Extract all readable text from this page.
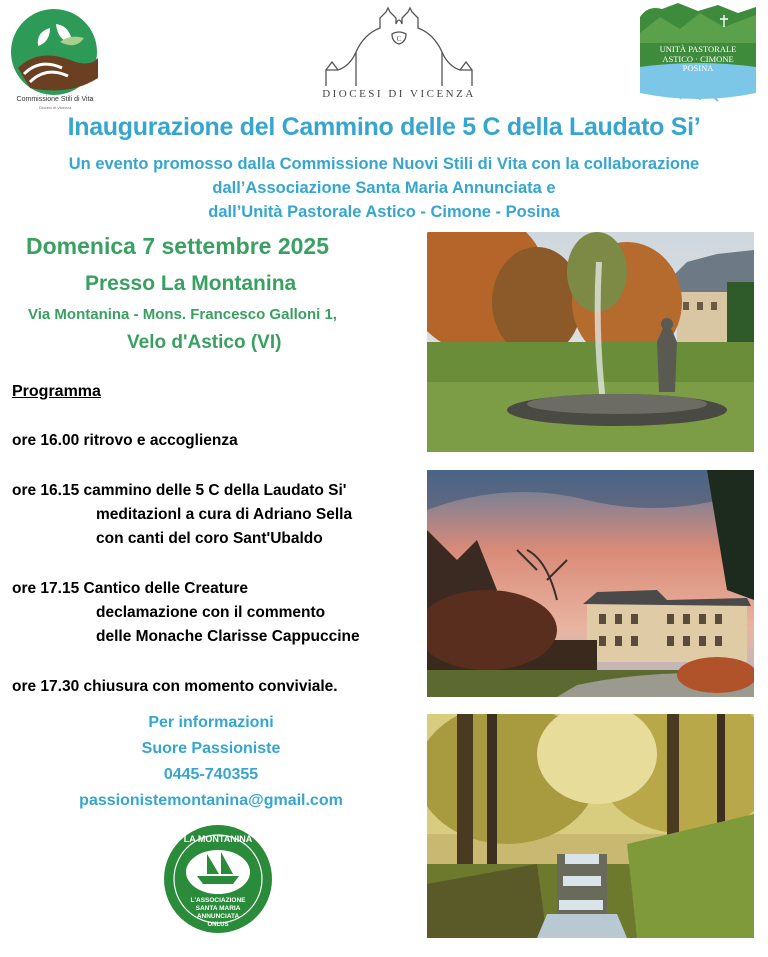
Commissione Stili di Vita
Diocesi di Vicenza
C
DIOCESI DI VICENZA
UNITÀ PASTORALE
ASTICO · CIMONE
POSINA
Inaugurazione del Cammino delle 5 C della Laudato Si’
Un evento promosso dalla Commissione Nuovi Stili di Vita con la collaborazione
dall’Associazione Santa Maria Annunciata e
dall’Unità Pastorale Astico - Cimone - Posina
Domenica 7 settembre 2025
Presso La Montanina
Via Montanina - Mons. Francesco Galloni 1,
Velo d'Astico (VI)
Programma
ore 16.00 ritrovo e accoglienza
ore 16.15 cammino delle 5 C della Laudato Si'
meditazionl a cura di Adriano Sella
con canti del coro Sant'Ubaldo
ore 17.15 Cantico delle Creature
declamazione con il commento
delle Monache Clarisse Cappuccine
ore 17.30 chiusura con momento conviviale.
Per informazioni
Suore Passioniste
0445-740355
passionistemontanina@gmail.com
LA MONTANINA
L'ASSOCIAZIONE
SANTA MARIA
ANNUNCIATA
ONLUS
